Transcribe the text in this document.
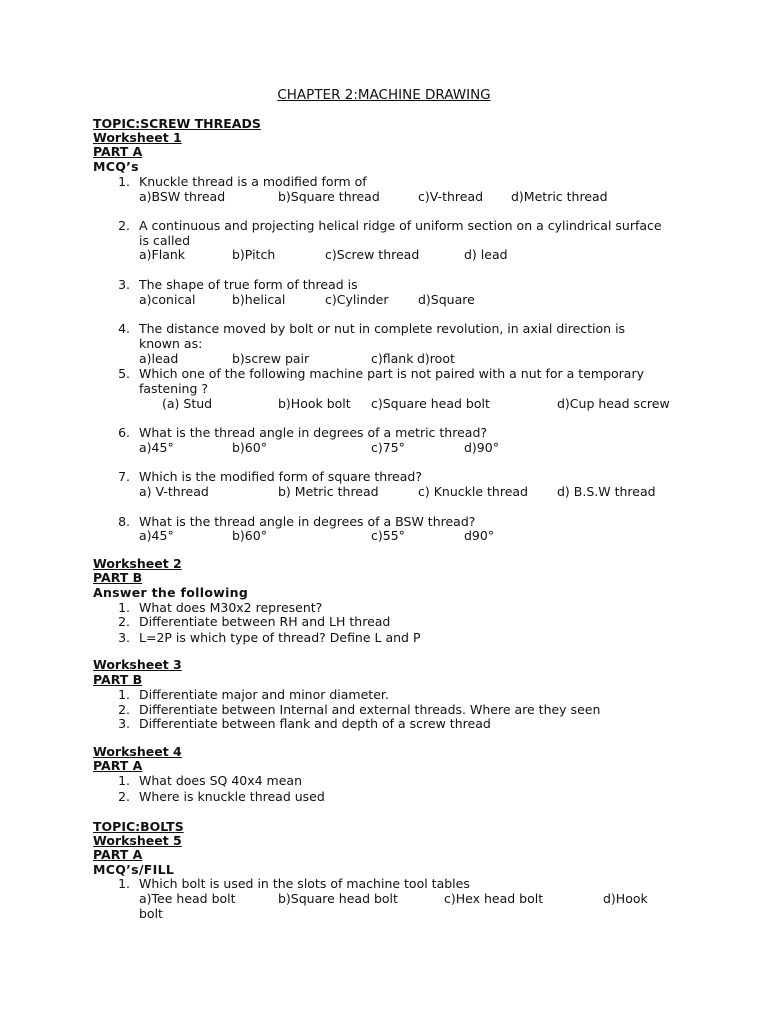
CHAPTER 2:MACHINE DRAWING
TOPIC:SCREW THREADS
Worksheet 1
PART A
MCQ’s
1. Knuckle thread is a modified form of
a)BSW thread	b)Square thread	c)V-thread d)Metric thread
2. A continuous and projecting helical ridge of uniform section on a cylindrical surface
is called
a)Flank	b)Pitch	c)Screw thread	d) lead
3. The shape of true form of thread is
a)conical	b)helical	c)Cylinder d)Square
4. The distance moved by bolt or nut in complete revolution, in axial direction is
known as:
a)lead	b)screw pair	c)flank d)root
5. Which one of the following machine part is not paired with a nut for a temporary
fastening ?
(a) Stud	b)Hook bolt c)Square head bolt	d)Cup head screw
6. What is the thread angle in degrees of a metric thread?
a)45°	b)60°	c)75°	d)90°
7. Which is the modified form of square thread?
a) V-thread	b) Metric thread	c) Knuckle thread d) B.S.W thread
8. What is the thread angle in degrees of a BSW thread?
a)45°	b)60°	c)55°	d90°
Worksheet 2
PART B
Answer the following
1. What does M30x2 represent?
2. Differentiate between RH and LH thread
3. L=2P is which type of thread? Define L and P
Worksheet 3
PART B
1. Differentiate major and minor diameter.
2. Differentiate between Internal and external threads. Where are they seen
3. Differentiate between flank and depth of a screw thread
Worksheet 4
PART A
1. What does SQ 40x4 mean
2. Where is knuckle thread used
TOPIC:BOLTS
Worksheet 5
PART A
MCQ’s/FILL
1. Which bolt is used in the slots of machine tool tables
a)Tee head bolt	b)Square head bolt	c)Hex head bolt	d)Hook
bolt
